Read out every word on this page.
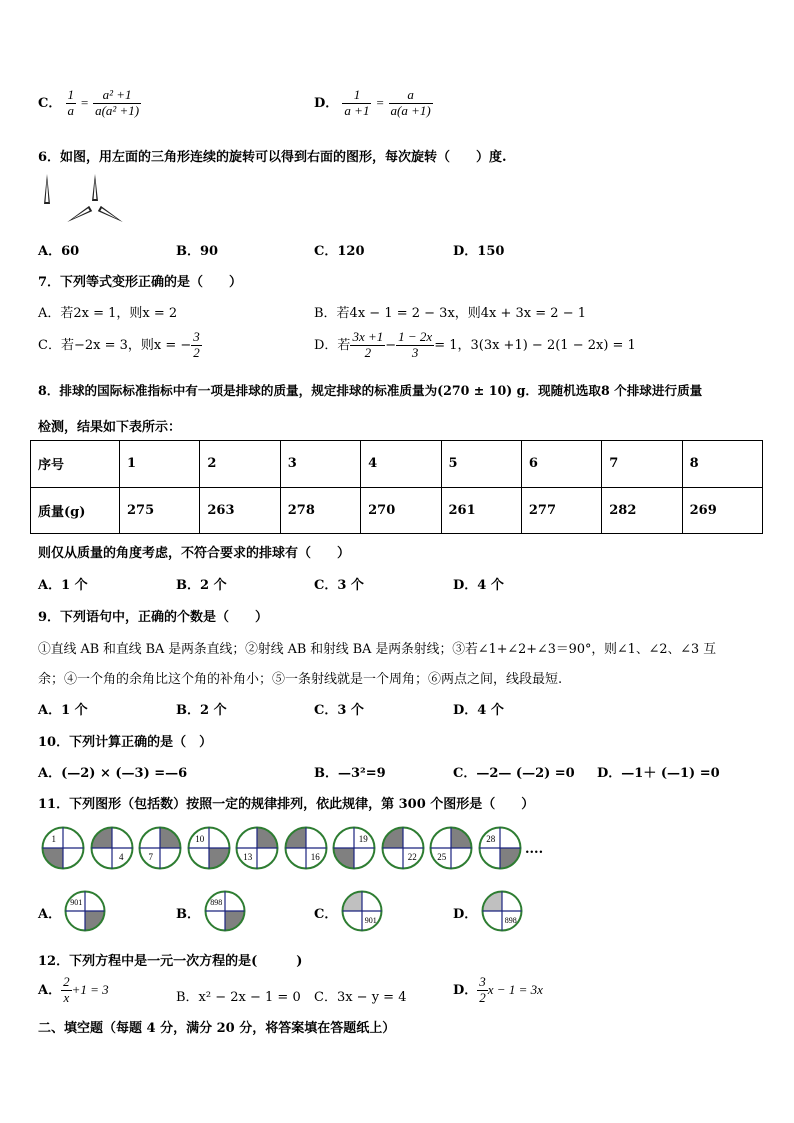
C． $\frac{1}{a} = \frac{\text{a² +1}}{\text{a(a² +1)}}$	D． $\frac{1}{a +1} = \frac{a}{a(a +1)}$
6．如图，用左面的三角形连续的旋转可以得到右面的图形，每次旋转（　　）度.
A．60	B．90	C．120	D．150
7．下列等式变形正确的是（　　）
A．若2x = 1，则x = 2	B．若4x − 1 = 2 − 3x，则4x + 3x = 2 − 1
C．若−2x = 3，则x = − $\frac{3}{2}$	D．若 $\frac{3x +1}{2} - \frac{1 - 2x}{3} = 1$，3(3x +1) − 2(1 − 2x) = 1
8．排球的国际标准指标中有一项是排球的质量，规定排球的标准质量为(270 ± 10) g．现随机选取8 个排球进行质量
检测，结果如下表所示：
序号	1	2	3	4	5	6	7	8
质量(g)	275	263	278	270	261	277	282	269
则仅从质量的角度考虑，不符合要求的排球有（　　）
A．1 个	B．2 个	C．3 个	D．4 个
9．下列语句中，正确的个数是（　　）
①直线 AB 和直线 BA 是两条直线；②射线 AB 和射线 BA 是两条射线；③若∠1+∠2+∠3＝90°，则∠1、∠2、∠3 互
余；④一个角的余角比这个角的补角小；⑤一条射线就是一个周角；⑥两点之间，线段最短.
A．1 个	B．2 个	C．3 个	D．4 个
10．下列计算正确的是（　）
A．(—2) × (—3) =—6	B．—3²=9	C．—2— (—2) =0 D．—1＋ (—1) =0
11．下列图形（包括数）按照一定的规律排列，依此规律，第 300 个图形是（　　）
1
4	7
10
13	16
19
22 25
28
....
A．	B．	C．	D．
901	898
901	898
12．下列方程中是一元一次方程的是(　　　)
A． $\frac{2}{x} +1 = 3$
B．x² − 2x − 1 = 0 C．3x − y = 4	D． $\frac{3}{2}$ x − 1 = 3x
二、填空题（每题 4 分，满分 20 分，将答案填在答题纸上）
